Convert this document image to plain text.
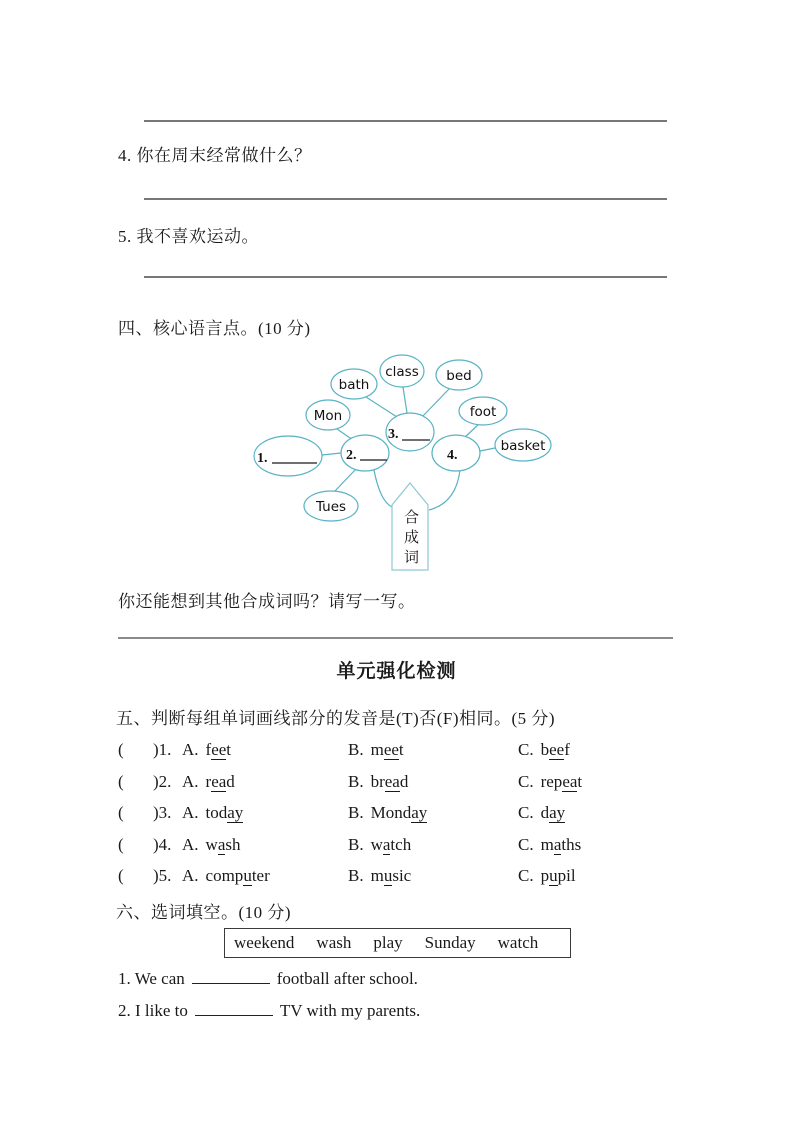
4. 你在周末经常做什么？
5. 我不喜欢运动。
四、核心语言点。(10 分)
bath
class bed
Mon	foot
basket
Tues
1.	2.
3.
4.
合成词
你还能想到其他合成词吗？请写一写。
单元强化检测
五、判断每组单词画线部分的发音是(T)否(F)相同。(5 分)
( )1. A. feet	B. meet	C. beef
( )2. A. read	B. bread	C. repeat
( )3. A. today	B. Monday	C. day
( )4. A. wash	B. watch	C. maths
( )5. A. computer	B. music	C. pupil
六、选词填空。(10 分)
weekend wash play Sunday watch
1. We can	football after school.
2. I like to	TV with my parents.
